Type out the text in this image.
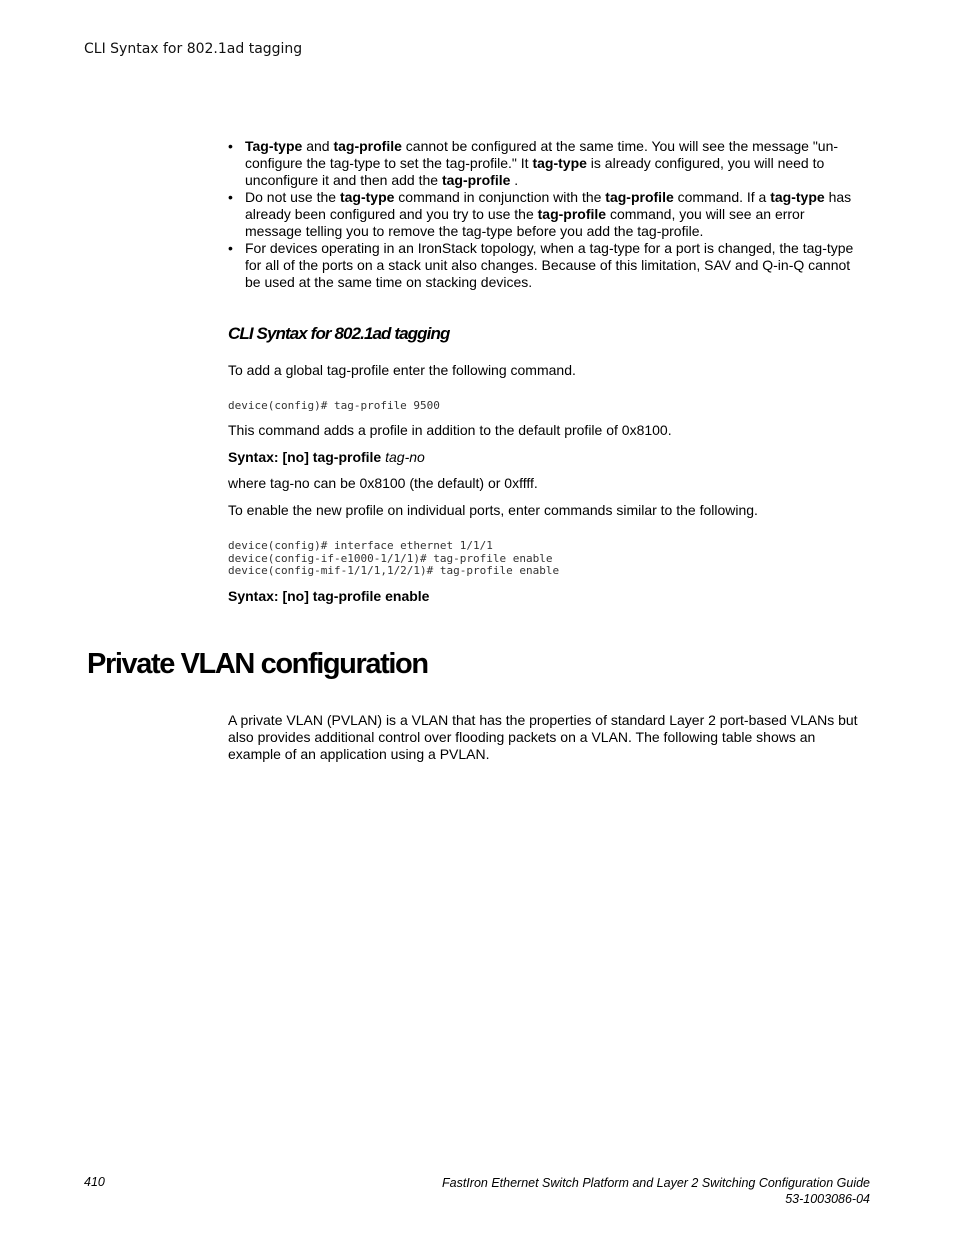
CLI Syntax for 802.1ad tagging
• Tag-type and tag-profile cannot be configured at the same time. You will see the message "un-configure the tag-type to set the tag-profile." It tag-type is already configured, you will need to unconfigure it and then add the tag-profile .
• Do not use the tag-type command in conjunction with the tag-profile command. If a tag-type has already been configured and you try to use the tag-profile command, you will see an error message telling you to remove the tag-type before you add the tag-profile.
• For devices operating in an IronStack topology, when a tag-type for a port is changed, the tag-type for all of the ports on a stack unit also changes. Because of this limitation, SAV and Q-in-Q cannot be used at the same time on stacking devices.
CLI Syntax for 802.1ad tagging

To add a global tag-profile enter the following command.

device(config)# tag-profile 9500

This command adds a profile in addition to the default profile of 0x8100.

Syntax: [no] tag-profile tag-no

where tag-no can be 0x8100 (the default) or 0xffff.

To enable the new profile on individual ports, enter commands similar to the following.

device(config)# interface ethernet 1/1/1
device(config-if-e1000-1/1/1)# tag-profile enable
device(config-mif-1/1/1,1/2/1)# tag-profile enable

Syntax: [no] tag-profile enable

Private VLAN configuration

A private VLAN (PVLAN) is a VLAN that has the properties of standard Layer 2 port-based VLANs but also provides additional control over flooding packets on a VLAN. The following table shows an example of an application using a PVLAN.

410	FastIron Ethernet Switch Platform and Layer 2 Switching Configuration Guide
53-1003086-04
